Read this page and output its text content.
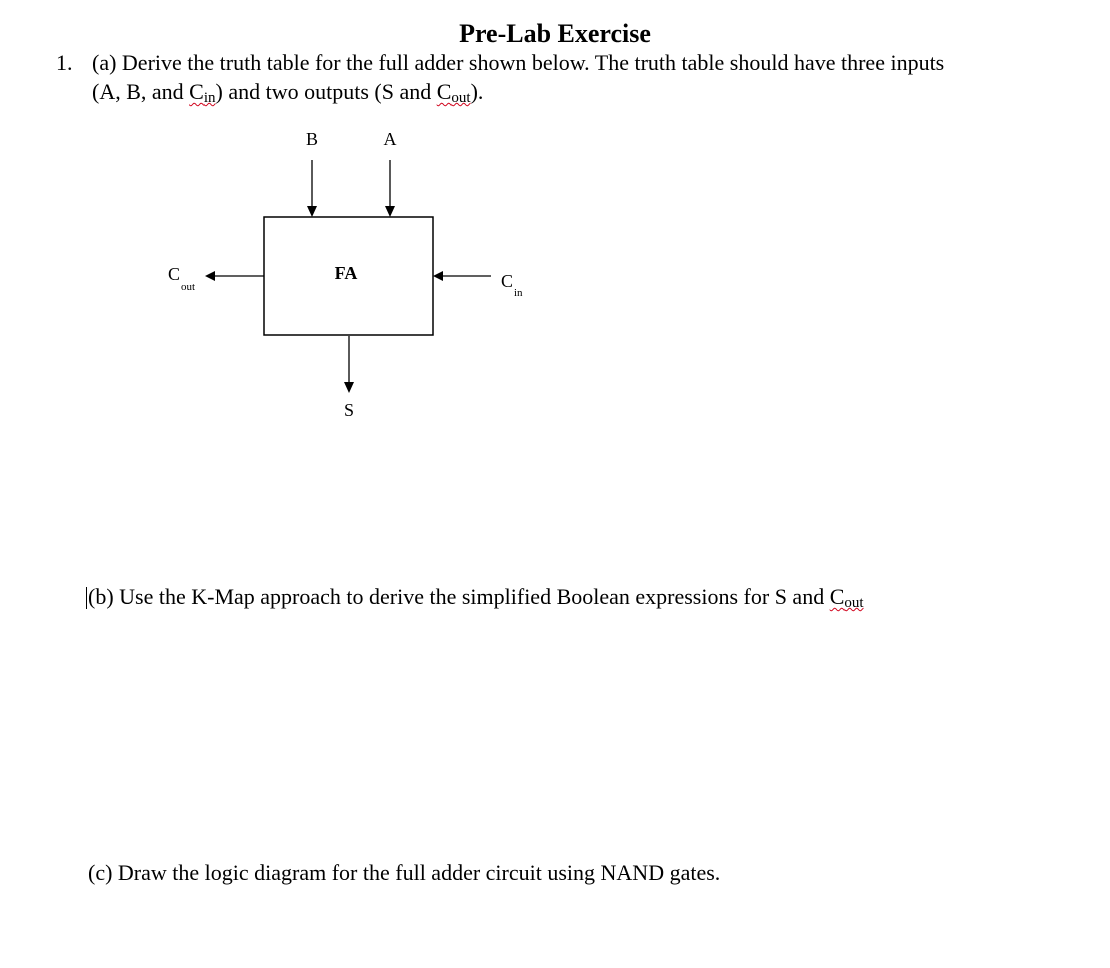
Pre-Lab Exercise
1. (a) Derive the truth table for the full adder shown below. The truth table should have three inputs
(A, B, and $C_{in}$) and two outputs (S and $C_{out}$).
B	A
FA
C
out	C
in
S
(b) Use the K-Map approach to derive the simplified Boolean expressions for S and $C_{out}$
(c) Draw the logic diagram for the full adder circuit using NAND gates.
